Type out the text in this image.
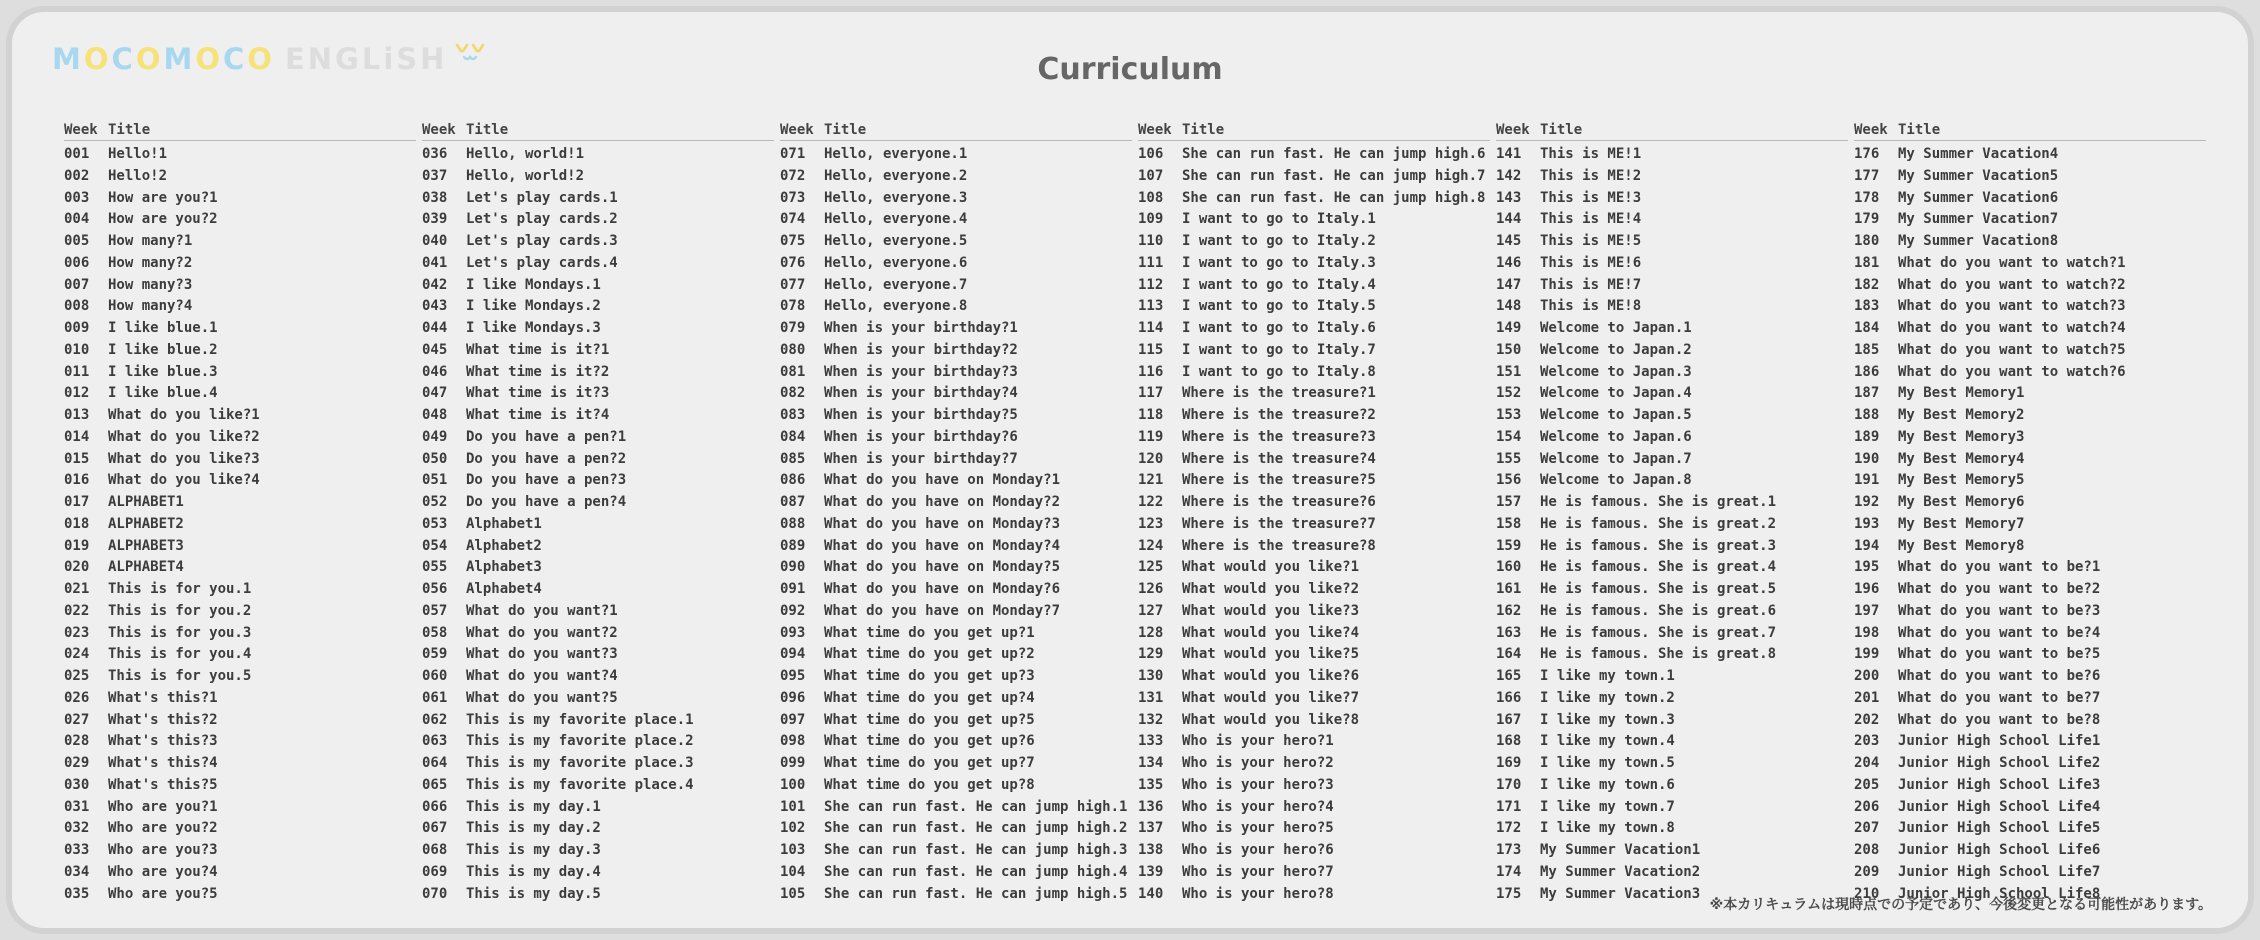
MOCOMOCO ENGLiSH	Curriculum
Week Title
001 Hello!1
002 Hello!2
003 How are you?1
004 How are you?2
005 How many?1
006 How many?2
007 How many?3
008 How many?4
009 I like blue.1
010 I like blue.2
011 I like blue.3
012 I like blue.4
013 What do you like?1
014 What do you like?2
015 What do you like?3
016 What do you like?4
017 ALPHABET1
018 ALPHABET2
019 ALPHABET3
020 ALPHABET4
021 This is for you.1
022 This is for you.2
023 This is for you.3
024 This is for you.4
025 This is for you.5
026 What's this?1
027 What's this?2
028 What's this?3
029 What's this?4
030 What's this?5
031 Who are you?1
032 Who are you?2
033 Who are you?3
034 Who are you?4
035 Who are you?5
Week Title
036 Hello, world!1
037 Hello, world!2
038 Let's play cards.1
039 Let's play cards.2
040 Let's play cards.3
041 Let's play cards.4
042 I like Mondays.1
043 I like Mondays.2
044 I like Mondays.3
045 What time is it?1
046 What time is it?2
047 What time is it?3
048 What time is it?4
049 Do you have a pen?1
050 Do you have a pen?2
051 Do you have a pen?3
052 Do you have a pen?4
053 Alphabet1
054 Alphabet2
055 Alphabet3
056 Alphabet4
057 What do you want?1
058 What do you want?2
059 What do you want?3
060 What do you want?4
061 What do you want?5
062 This is my favorite place.1
063 This is my favorite place.2
064 This is my favorite place.3
065 This is my favorite place.4
066 This is my day.1
067 This is my day.2
068 This is my day.3
069 This is my day.4
070 This is my day.5
Week Title
071 Hello, everyone.1
072 Hello, everyone.2
073 Hello, everyone.3
074 Hello, everyone.4
075 Hello, everyone.5
076 Hello, everyone.6
077 Hello, everyone.7
078 Hello, everyone.8
079 When is your birthday?1
080 When is your birthday?2
081 When is your birthday?3
082 When is your birthday?4
083 When is your birthday?5
084 When is your birthday?6
085 When is your birthday?7
086 What do you have on Monday?1
087 What do you have on Monday?2
088 What do you have on Monday?3
089 What do you have on Monday?4
090 What do you have on Monday?5
091 What do you have on Monday?6
092 What do you have on Monday?7
093 What time do you get up?1
094 What time do you get up?2
095 What time do you get up?3
096 What time do you get up?4
097 What time do you get up?5
098 What time do you get up?6
099 What time do you get up?7
100 What time do you get up?8
101 She can run fast. He can jump high.1
102 She can run fast. He can jump high.2
103 She can run fast. He can jump high.3
104 She can run fast. He can jump high.4
105 She can run fast. He can jump high.5
Week Title
106 She can run fast. He can jump high.6
107 She can run fast. He can jump high.7
108 She can run fast. He can jump high.8
109 I want to go to Italy.1
110 I want to go to Italy.2
111 I want to go to Italy.3
112 I want to go to Italy.4
113 I want to go to Italy.5
114 I want to go to Italy.6
115 I want to go to Italy.7
116 I want to go to Italy.8
117 Where is the treasure?1
118 Where is the treasure?2
119 Where is the treasure?3
120 Where is the treasure?4
121 Where is the treasure?5
122 Where is the treasure?6
123 Where is the treasure?7
124 Where is the treasure?8
125 What would you like?1
126 What would you like?2
127 What would you like?3
128 What would you like?4
129 What would you like?5
130 What would you like?6
131 What would you like?7
132 What would you like?8
133 Who is your hero?1
134 Who is your hero?2
135 Who is your hero?3
136 Who is your hero?4
137 Who is your hero?5
138 Who is your hero?6
139 Who is your hero?7
140 Who is your hero?8
Week Title
141 This is ME!1
142 This is ME!2
143 This is ME!3
144 This is ME!4
145 This is ME!5
146 This is ME!6
147 This is ME!7
148 This is ME!8
149 Welcome to Japan.1
150 Welcome to Japan.2
151 Welcome to Japan.3
152 Welcome to Japan.4
153 Welcome to Japan.5
154 Welcome to Japan.6
155 Welcome to Japan.7
156 Welcome to Japan.8
157 He is famous. She is great.1
158 He is famous. She is great.2
159 He is famous. She is great.3
160 He is famous. She is great.4
161 He is famous. She is great.5
162 He is famous. She is great.6
163 He is famous. She is great.7
164 He is famous. She is great.8
165 I like my town.1
166 I like my town.2
167 I like my town.3
168 I like my town.4
169 I like my town.5
170 I like my town.6
171 I like my town.7
172 I like my town.8
173 My Summer Vacation1
174 My Summer Vacation2
175 My Summer Vacation3
Week Title
176 My Summer Vacation4
177 My Summer Vacation5
178 My Summer Vacation6
179 My Summer Vacation7
180 My Summer Vacation8
181 What do you want to watch?1
182 What do you want to watch?2
183 What do you want to watch?3
184 What do you want to watch?4
185 What do you want to watch?5
186 What do you want to watch?6
187 My Best Memory1
188 My Best Memory2
189 My Best Memory3
190 My Best Memory4
191 My Best Memory5
192 My Best Memory6
193 My Best Memory7
194 My Best Memory8
195 What do you want to be?1
196 What do you want to be?2
197 What do you want to be?3
198 What do you want to be?4
199 What do you want to be?5
200 What do you want to be?6
201 What do you want to be?7
202 What do you want to be?8
203 Junior High School Life1
204 Junior High School Life2
205 Junior High School Life3
206 Junior High School Life4
207 Junior High School Life5
208 Junior High School Life6
209 Junior High School Life7
210 Junior High School Life8
※本カリキュラムは現時点での予定であり、今後変更となる可能性があります。
